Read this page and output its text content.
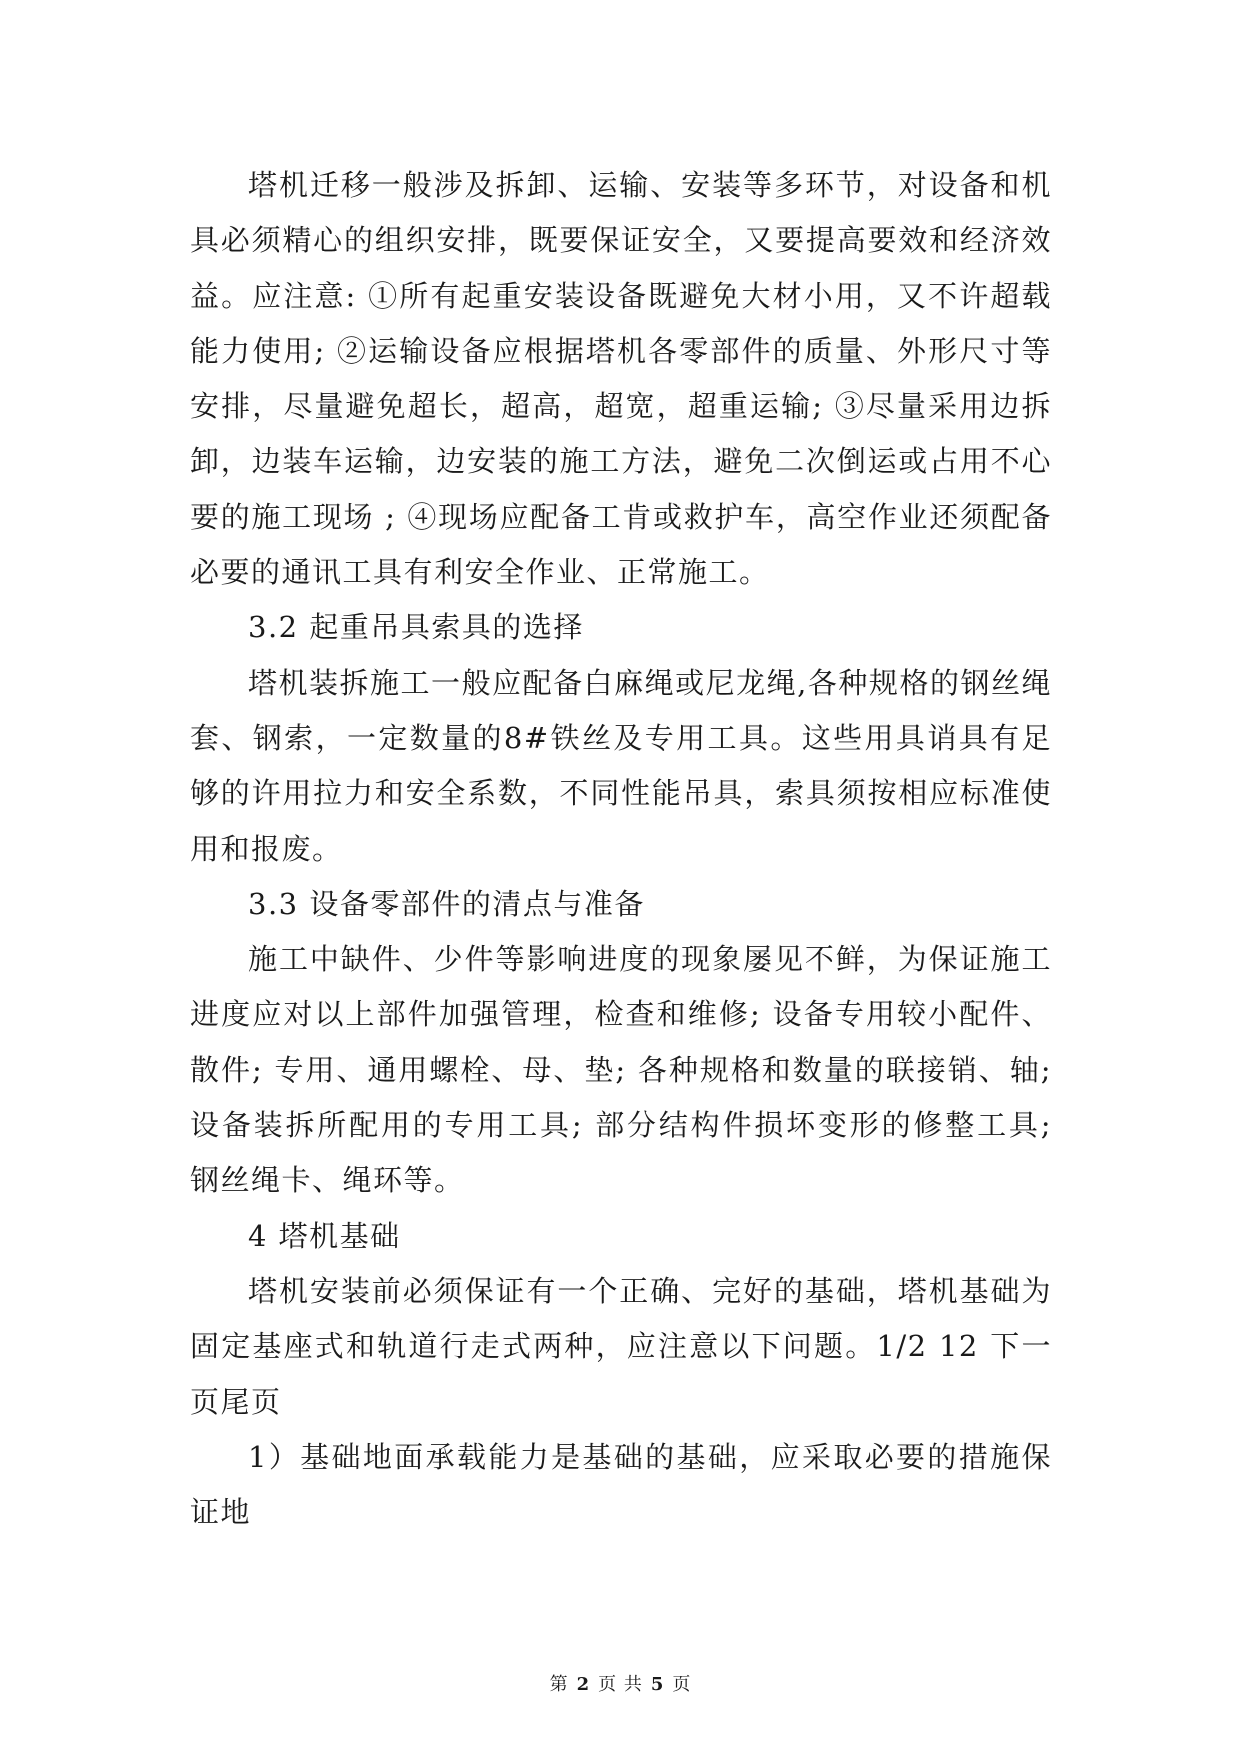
塔机迁移一般涉及拆卸、运输、安装等多环节，对设备和机具必须精心的组织安排，既要保证安全，又要提高要效和经济效益。应注意: ①所有起重安装设备既避免大材小用，又不许超载能力使用; ②运输设备应根据塔机各零部件的质量、外形尺寸等安排，尽量避免超长，超高，超宽，超重运输; ③尽量采用边拆卸，边装车运输，边安装的施工方法，避免二次倒运或占用不心要的施工现场 ; ④现场应配备工肯或救护车，高空作业还须配备必要的通讯工具有利安全作业、正常施工。

3.2 起重吊具索具的选择

塔机装拆施工一般应配备白麻绳或尼龙绳,各种规格的钢丝绳套、钢索，一定数量的8#铁丝及专用工具。这些用具诮具有足够的许用拉力和安全系数，不同性能吊具，索具须按相应标准使用和报废。

3.3 设备零部件的清点与准备

施工中缺件、少件等影响进度的现象屡见不鲜，为保证施工进度应对以上部件加强管理，检查和维修; 设备专用较小配件、散件; 专用、通用螺栓、母、垫; 各种规格和数量的联接销、轴; 设备装拆所配用的专用工具; 部分结构件损坏变形的修整工具; 钢丝绳卡、绳环等。

4 塔机基础

塔机安装前必须保证有一个正确、完好的基础，塔机基础为固定基座式和轨道行走式两种，应注意以下问题。1/2 12 下一页尾页

1）基础地面承载能力是基础的基础，应采取必要的措施保证地

第 2 页 共 5 页
